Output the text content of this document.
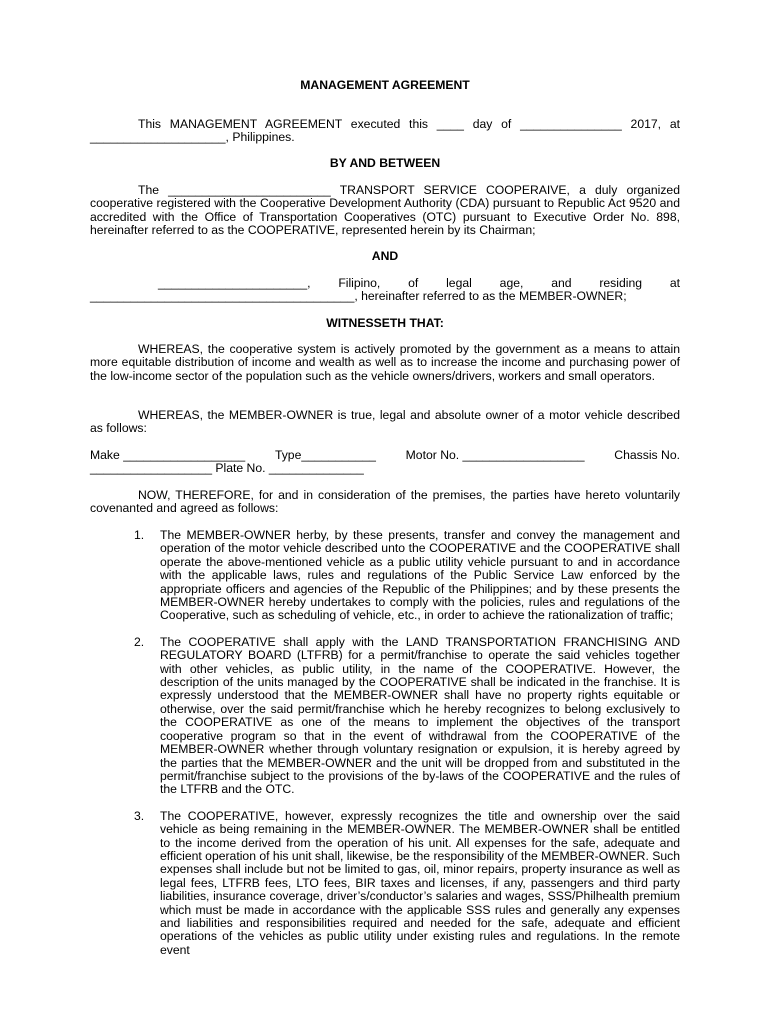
MANAGEMENT AGREEMENT
This MANAGEMENT AGREEMENT executed this ____ day of _______________ 2017, at
____________________, Philippines.
BY AND BETWEEN
The ________________________ TRANSPORT SERVICE COOPERAIVE, a duly organized cooperative registered with the Cooperative Development Authority (CDA) pursuant to Republic Act 9520 and accredited with the Office of Transportation Cooperatives (OTC) pursuant to Executive Order No. 898, hereinafter referred to as the COOPERATIVE, represented herein by its Chairman;
AND
______________________, Filipino, of legal age, and residing at
_______________________________________, hereinafter referred to as the MEMBER-OWNER;
WITNESSETH THAT:
WHEREAS, the cooperative system is actively promoted by the government as a means to attain more equitable distribution of income and wealth as well as to increase the income and purchasing power of the low-income sector of the population such as the vehicle owners/drivers, workers and small operators.
WHEREAS, the MEMBER-OWNER is true, legal and absolute owner of a motor vehicle described as follows:
Make __________________ Type___________ Motor No. __________________ Chassis No.
__________________ Plate No. ______________
NOW, THEREFORE, for and in consideration of the premises, the parties have hereto voluntarily covenanted and agreed as follows:
1. The MEMBER-OWNER herby, by these presents, transfer and convey the management and operation of the motor vehicle described unto the COOPERATIVE and the COOPERATIVE shall operate the above-mentioned vehicle as a public utility vehicle pursuant to and in accordance with the applicable laws, rules and regulations of the Public Service Law enforced by the appropriate officers and agencies of the Republic of the Philippines; and by these presents the MEMBER-OWNER hereby undertakes to comply with the policies, rules and regulations of the Cooperative, such as scheduling of vehicle, etc., in order to achieve the rationalization of traffic;
2. The COOPERATIVE shall apply with the LAND TRANSPORTATION FRANCHISING AND REGULATORY BOARD (LTFRB) for a permit/franchise to operate the said vehicles together with other vehicles, as public utility, in the name of the COOPERATIVE. However, the description of the units managed by the COOPERATIVE shall be indicated in the franchise. It is expressly understood that the MEMBER-OWNER shall have no property rights equitable or otherwise, over the said permit/franchise which he hereby recognizes to belong exclusively to the COOPERATIVE as one of the means to implement the objectives of the transport cooperative program so that in the event of withdrawal from the COOPERATIVE of the MEMBER-OWNER whether through voluntary resignation or expulsion, it is hereby agreed by the parties that the MEMBER-OWNER and the unit will be dropped from and substituted in the permit/franchise subject to the provisions of the by-laws of the COOPERATIVE and the rules of the LTFRB and the OTC.
3. The COOPERATIVE, however, expressly recognizes the title and ownership over the said vehicle as being remaining in the MEMBER-OWNER. The MEMBER-OWNER shall be entitled to the income derived from the operation of his unit. All expenses for the safe, adequate and efficient operation of his unit shall, likewise, be the responsibility of the MEMBER-OWNER. Such expenses shall include but not be limited to gas, oil, minor repairs, property insurance as well as legal fees, LTFRB fees, LTO fees, BIR taxes and licenses, if any, passengers and third party liabilities, insurance coverage, driver’s/conductor’s salaries and wages, SSS/Philhealth premium which must be made in accordance with the applicable SSS rules and generally any expenses and liabilities and responsibilities required and needed for the safe, adequate and efficient operations of the vehicles as public utility under existing rules and regulations. In the remote event
